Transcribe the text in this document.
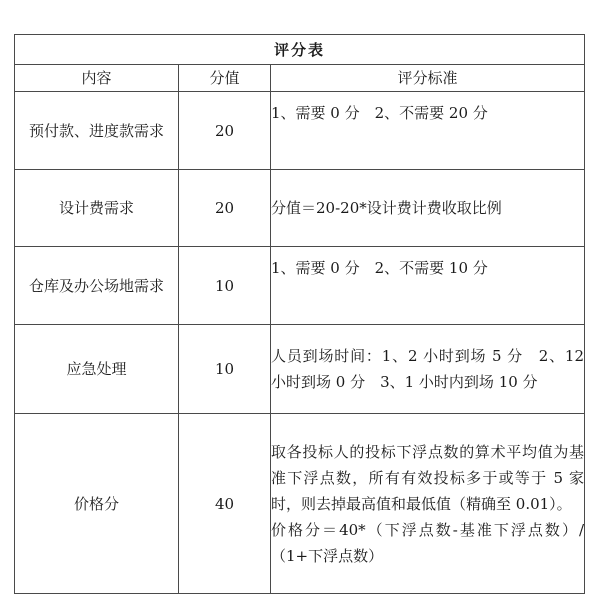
评分表		
内容	分值	评分标准
预付款、进度款需求	20	1、需要 0 分　2、不需要 20 分

设计费需求	20	分值＝20-20*设计费计费收取比例

仓库及办公场地需求	10	1、需要 0 分　2、不需要 10 分

应急处理	10	人员到场时间：1、2 小时到场 5 分　2、12 小时到场 0 分　3、1 小时内到场 10 分

价格分	40	取各投标人的投标下浮点数的算术平均值为基准下浮点数，所有有效投标多于或等于 5 家时，则去掉最高值和最低值（精确至 0.01）。
价格分＝40*（下浮点数-基准下浮点数）/（1+下浮点数）
